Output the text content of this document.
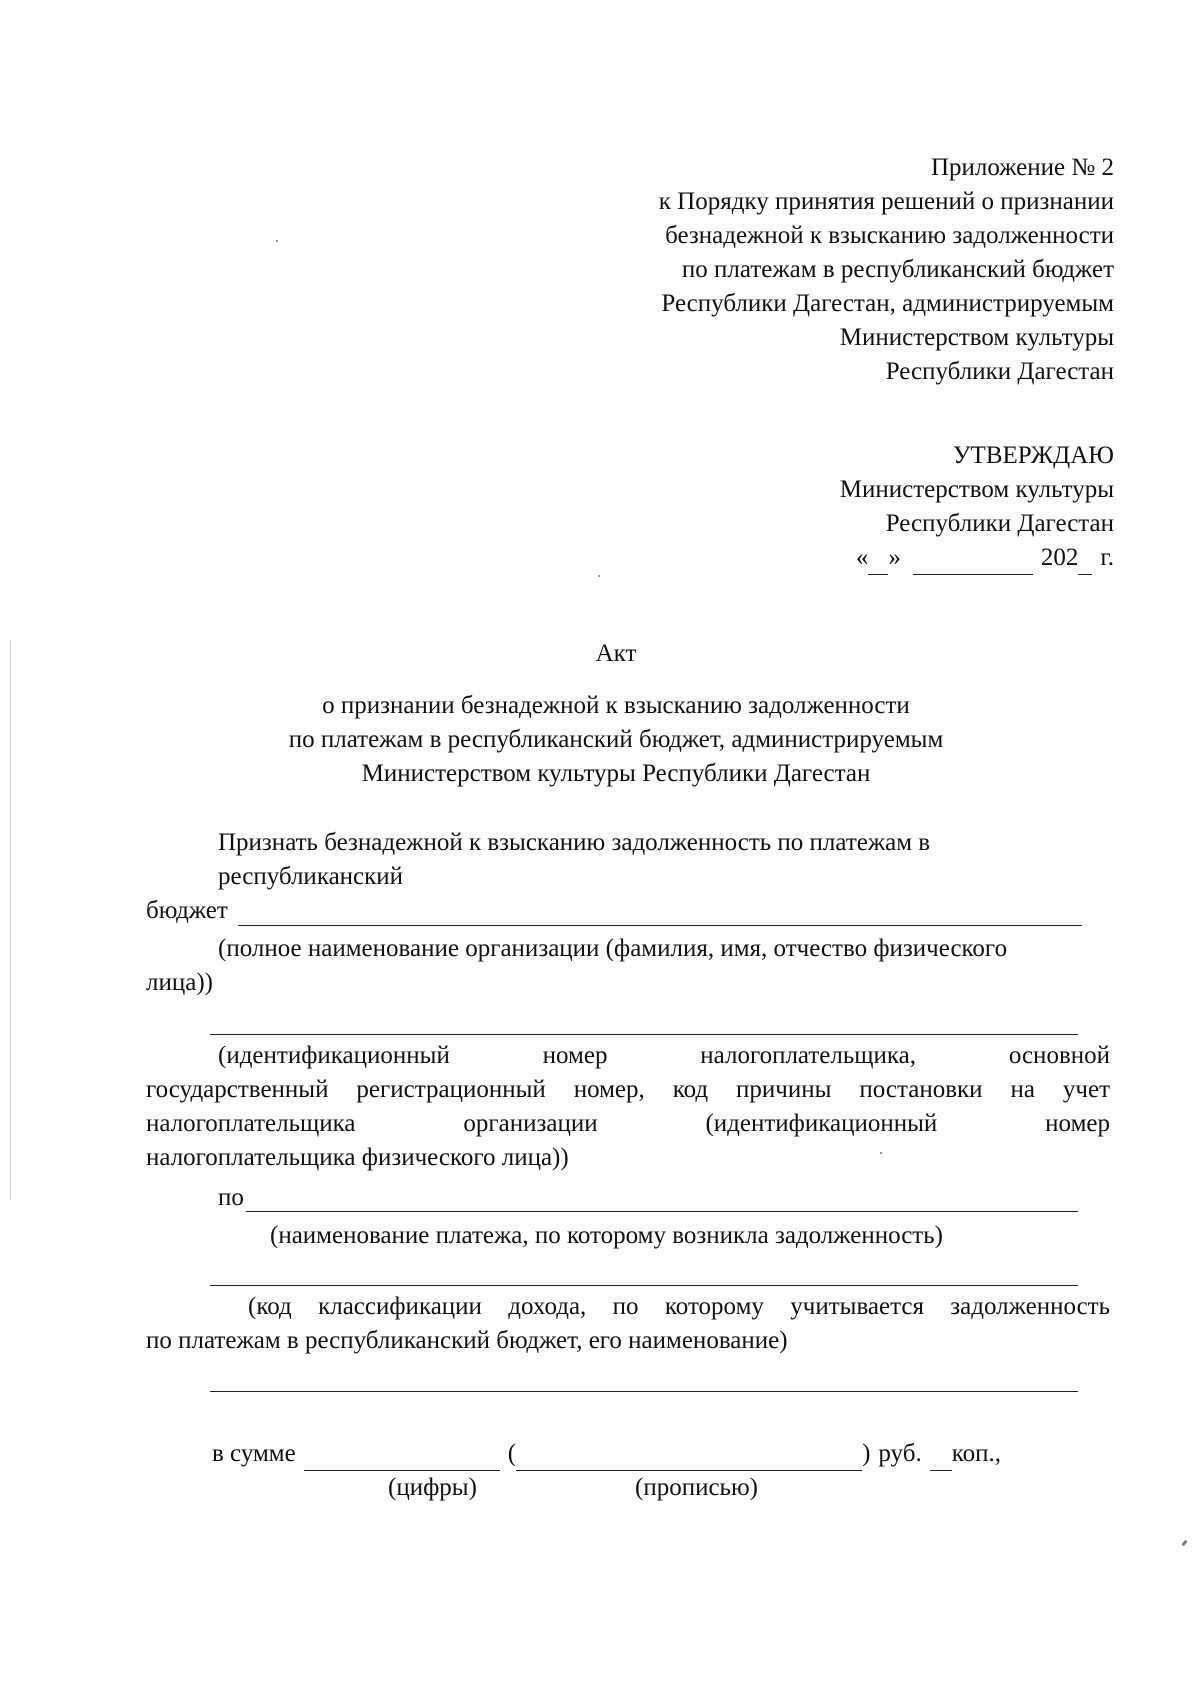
Приложение № 2
к Порядку принятия решений о признании
безнадежной к взысканию задолженности
по платежам в республиканский бюджет
Республики Дагестан, администрируемым
Министерством культуры
Республики Дагестан
УТВЕРЖДАЮ
Министерством культуры
Республики Дагестан
« »	202 г.
Акт
о признании безнадежной к взысканию задолженности
по платежам в республиканский бюджет, администрируемым
Министерством культуры Республики Дагестан
Признать безнадежной к взысканию задолженность по платежам в
республиканский
бюджет
(полное наименование организации (фамилия, имя, отчество физического
лица))
(идентификационный номер налогоплательщика, основной
государственный регистрационный номер, код причины постановки на учет
налогоплательщика организации (идентификационный номер
налогоплательщика физического лица))
по
(наименование платежа, по которому возникла задолженность)
(код классификации дохода, по которому учитывается задолженность
по платежам в республиканский бюджет, его наименование)
в сумме	(	) руб. коп.,
(цифры)	(прописью)
